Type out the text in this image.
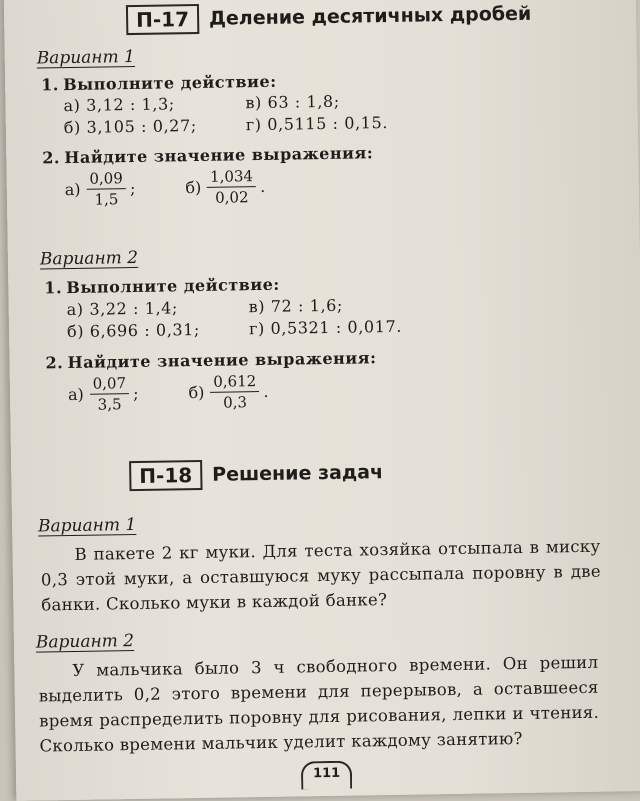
П-17	Деление десятичных дробей
Вариант 1
1. Выполните действие:
а) 3,12 : 1,3;	в) 63 : 1,8;
б) 3,105 : 0,27;	г) 0,5115 : 0,15.
2. Найдите значение выражения:
$а) \frac{0,09}{1,5}$ ;	$б) \frac{1,034}{0,02}$ .
Вариант 2
1. Выполните действие:
а) 3,22 : 1,4;	в) 72 : 1,6;
б) 6,696 : 0,31;	г) 0,5321 : 0,017.
2. Найдите значение выражения:
$а) \frac{0,07}{3,5}$ ;	$б) \frac{0,612}{0,3}$ .
П-18	Решение задач
Вариант 1
В пакете 2 кг муки. Для теста хозяйка отсыпала в миску 0,3 этой муки, а оставшуюся муку рассыпала поровну в две банки. Сколько муки в каждой банке?
Вариант 2
У мальчика было 3 ч свободного времени. Он решил выделить 0,2 этого времени для перерывов, а оставшееся время распределить поровну для рисования, лепки и чтения. Сколько времени мальчик уделит каждому занятию?
111
